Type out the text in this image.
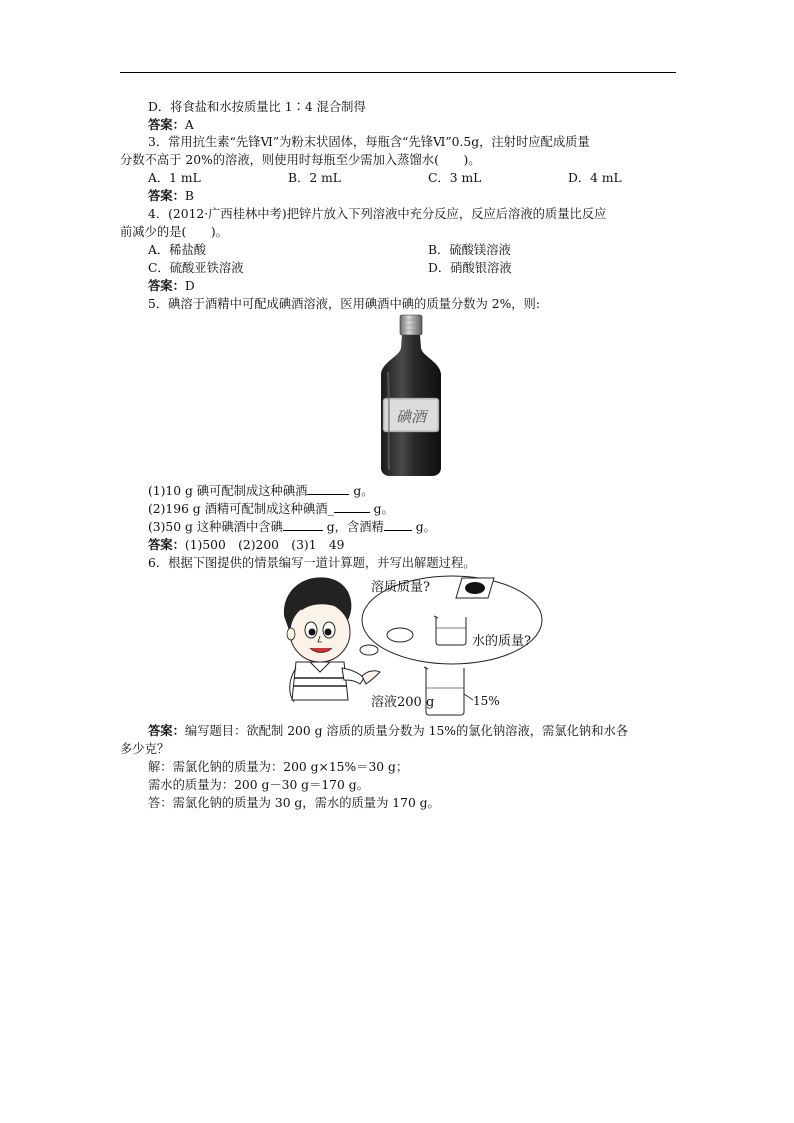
D．将食盐和水按质量比 1∶4 混合制得
答案：A
3．常用抗生素“先锋Ⅵ”为粉末状固体，每瓶含“先锋Ⅵ”0.5g，注射时应配成质量
分数不高于 20%的溶液，则使用时每瓶至少需加入蒸馏水(　　)。
A．1 mL	B．2 mL	C．3 mL	D．4 mL
答案：B
4．(2012·广西桂林中考)把锌片放入下列溶液中充分反应，反应后溶液的质量比反应
前减少的是(　　)。
A．稀盐酸	B．硫酸镁溶液
C．硫酸亚铁溶液	D．硝酸银溶液
答案：D
5．碘溶于酒精中可配成碘酒溶液，医用碘酒中碘的质量分数为 2%，则:
碘酒
(1)10 g 碘可配制成这种碘酒	g。
(2)196 g 酒精可配制成这种碘酒_	g。
(3)50 g 这种碘酒中含碘	g，含酒精 g。
答案：(1)500　(2)200　(3)1　49
6．根据下图提供的情景编写一道计算题，并写出解题过程。
溶质质量?
水的质量?
溶液200 g	15%
答案：编写题目：欲配制 200 g 溶质的质量分数为 15%的氯化钠溶液，需氯化钠和水各
多少克？
解：需氯化钠的质量为：200 g×15%＝30 g；
需水的质量为：200 g－30 g＝170 g。
答：需氯化钠的质量为 30 g，需水的质量为 170 g。
